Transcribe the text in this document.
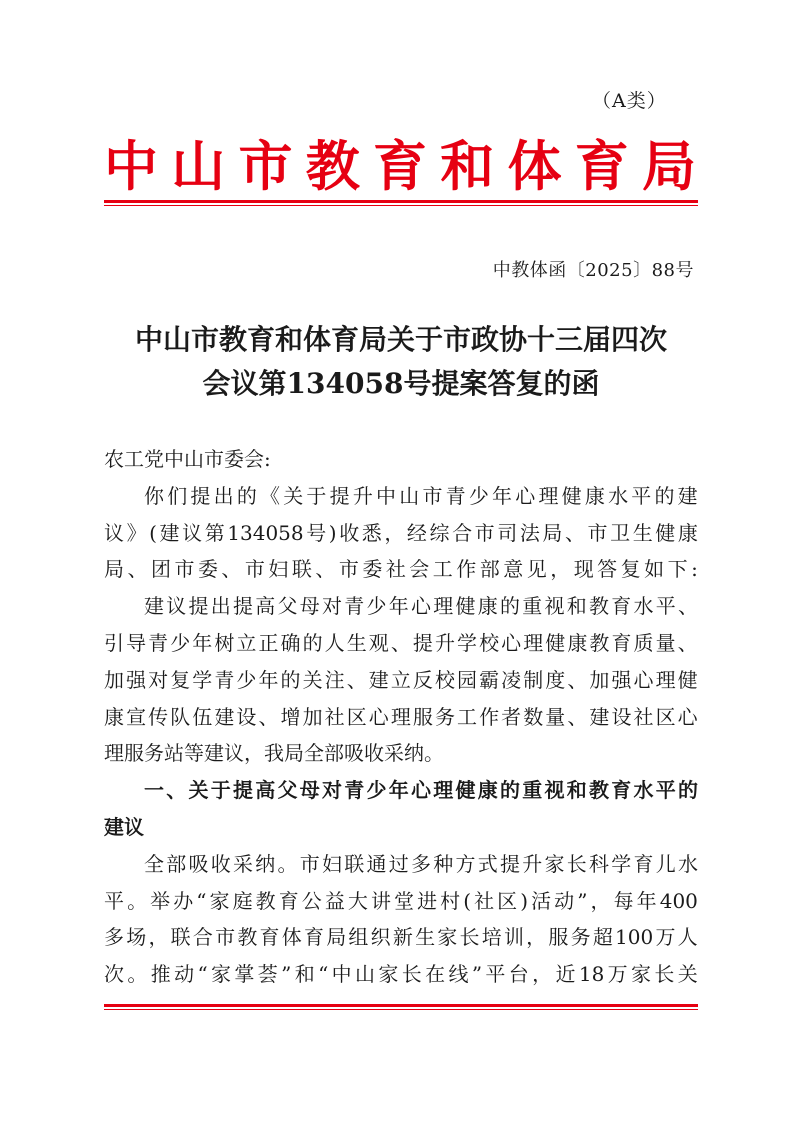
（A类）
中 山 市 教 育 和 体 育 局
中教体函〔2025〕88号
中山市教育和体育局关于市政协十三届四次
会议第134058号提案答复的函
农工党中山市委会:
你 们 提 出 的 《 关 于 提 升 中 山 市 青 少 年 心 理 健 康 水 平 的 建
议 》 ( 建 议 第 134058 号 ) 收 悉 ， 经 综 合 市 司 法 局 、 市 卫 生 健 康
局 、 团 市 委 、 市 妇 联 、 市 委 社 会 工 作 部 意 见 ， 现 答 复 如 下 :
建 议 提 出 提 高 父 母 对 青 少 年 心 理 健 康 的 重 视 和 教 育 水 平 、
引 导 青 少 年 树 立 正 确 的 人 生 观 、 提 升 学 校 心 理 健 康 教 育 质 量 、
加 强 对 复 学 青 少 年 的 关 注 、 建 立 反 校 园 霸 凌 制 度 、 加 强 心 理 健
康 宣 传 队 伍 建 设 、 增 加 社 区 心 理 服 务 工 作 者 数 量 、 建 设 社 区 心
理服务站等建议，我局全部吸收采纳。
一 、 关 于 提 高 父 母 对 青 少 年 心 理 健 康 的 重 视 和 教 育 水 平 的
建议
全 部 吸 收 采 纳 。 市 妇 联 通 过 多 种 方 式 提 升 家 长 科 学 育 儿 水
平 。 举 办 “ 家 庭 教 育 公 益 大 讲 堂 进 村 ( 社 区 ) 活 动 ” ， 每 年 400
多 场 ， 联 合 市 教 育 体 育 局 组 织 新 生 家 长 培 训 ， 服 务 超 100 万 人
次 。 推 动 “ 家 掌 荟 ” 和 “ 中 山 家 长 在 线 ” 平 台 ， 近 18 万 家 长 关
